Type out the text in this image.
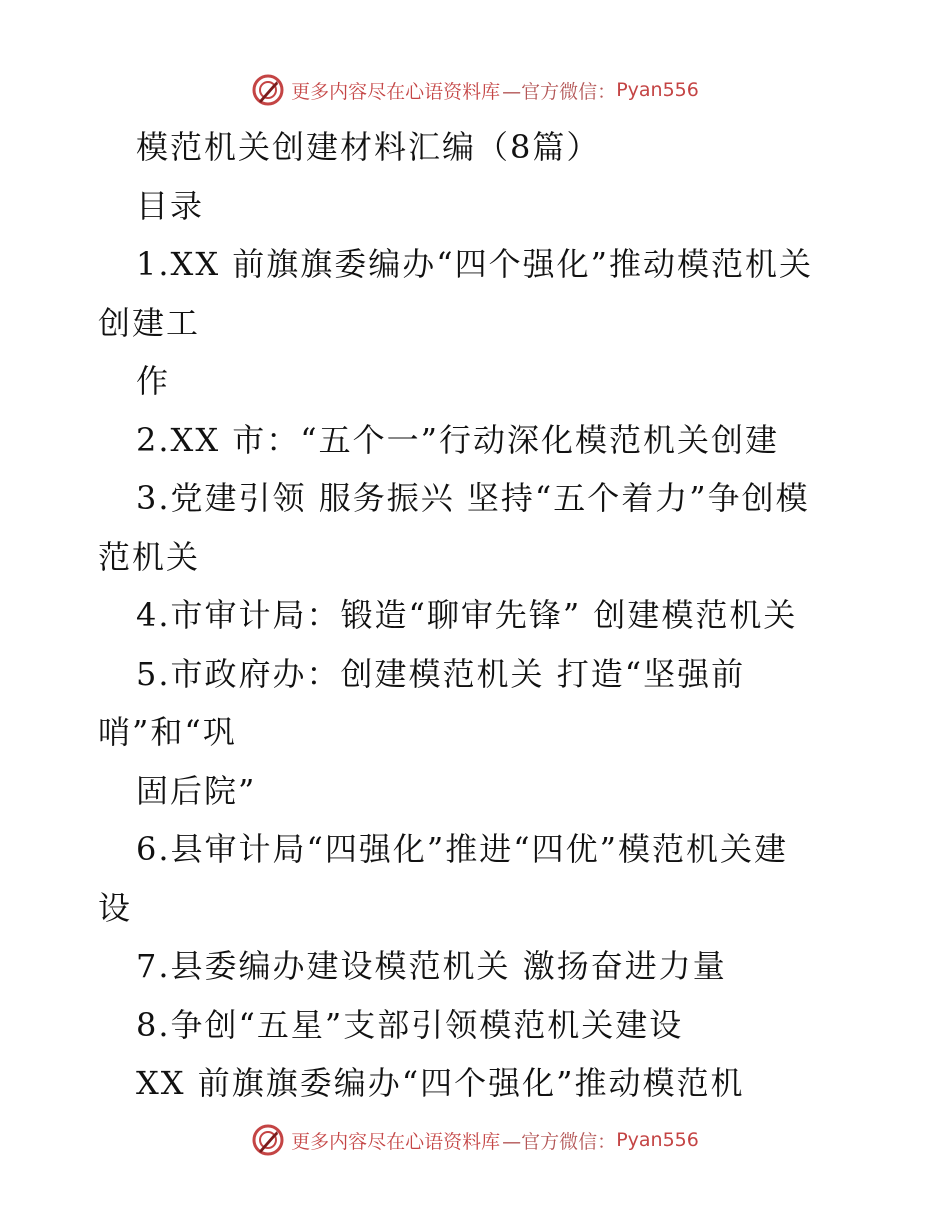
更多内容尽在心语资料库 —官方微信： Pyan556

模范机关创建材料汇编（8篇）

目录

1.XX 前旗旗委编办“四个强化”推动模范机关

创建工

作

2.XX 市：“五个一”行动深化模范机关创建

3.党建引领 服务振兴 坚持“五个着力”争创模

范机关

4.市审计局：锻造“聊审先锋” 创建模范机关

5.市政府办：创建模范机关 打造“坚强前

哨”和“巩

固后院”

6.县审计局“四强化”推进“四优”模范机关建

设

7.县委编办建设模范机关 激扬奋进力量

8.争创“五星”支部引领模范机关建设

XX 前旗旗委编办“四个强化”推动模范机

更多内容尽在心语资料库 —官方微信： Pyan556
